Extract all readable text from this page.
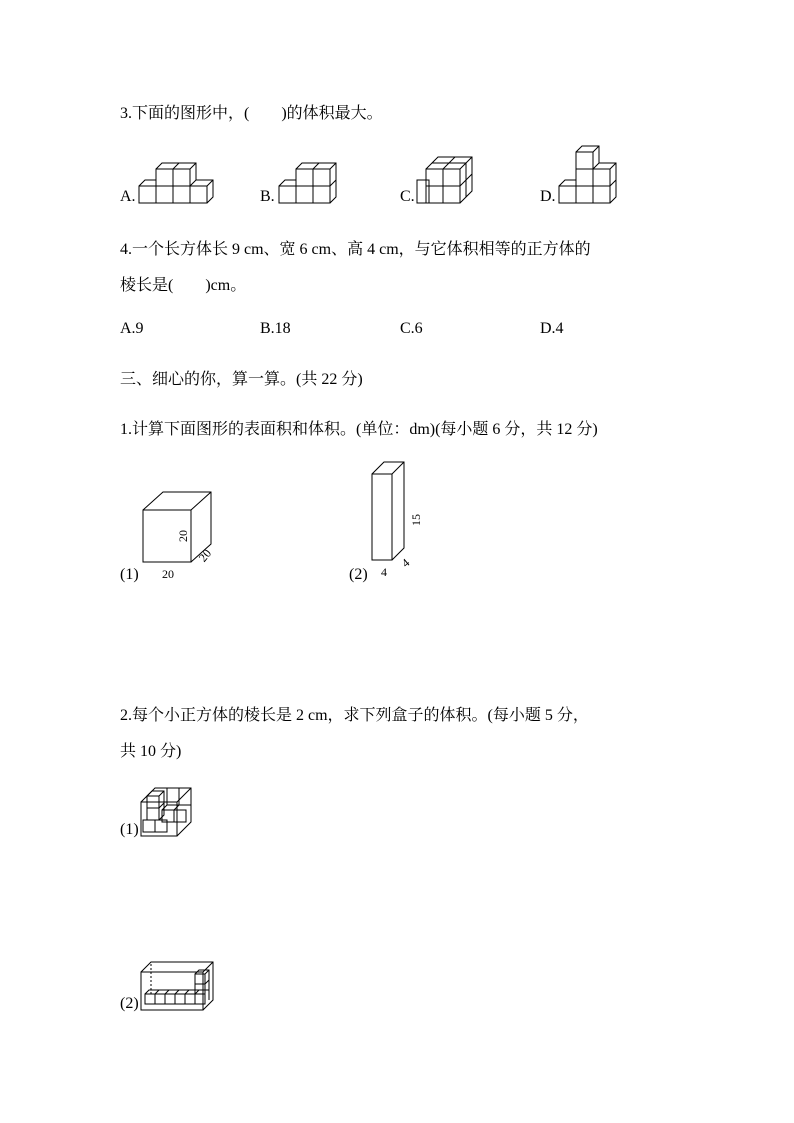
3.下面的图形中，(　　)的体积最大。
A.	B.	C.	D.
4.一个长方体长 9 cm、宽 6 cm、高 4 cm，与它体积相等的正方体的
棱长是(　　)cm。
A.9	B.18	C.6	D.4
三、细心的你，算一算。(共 22 分)
1.计算下面图形的表面积和体积。(单位：dm)(每小题 6 分，共 12 分)
(1) 20
20
20
(2)
15
4
4
2.每个小正方体的棱长是 2 cm，求下列盒子的体积。(每小题 5 分，
共 10 分)
(1)
(2)
